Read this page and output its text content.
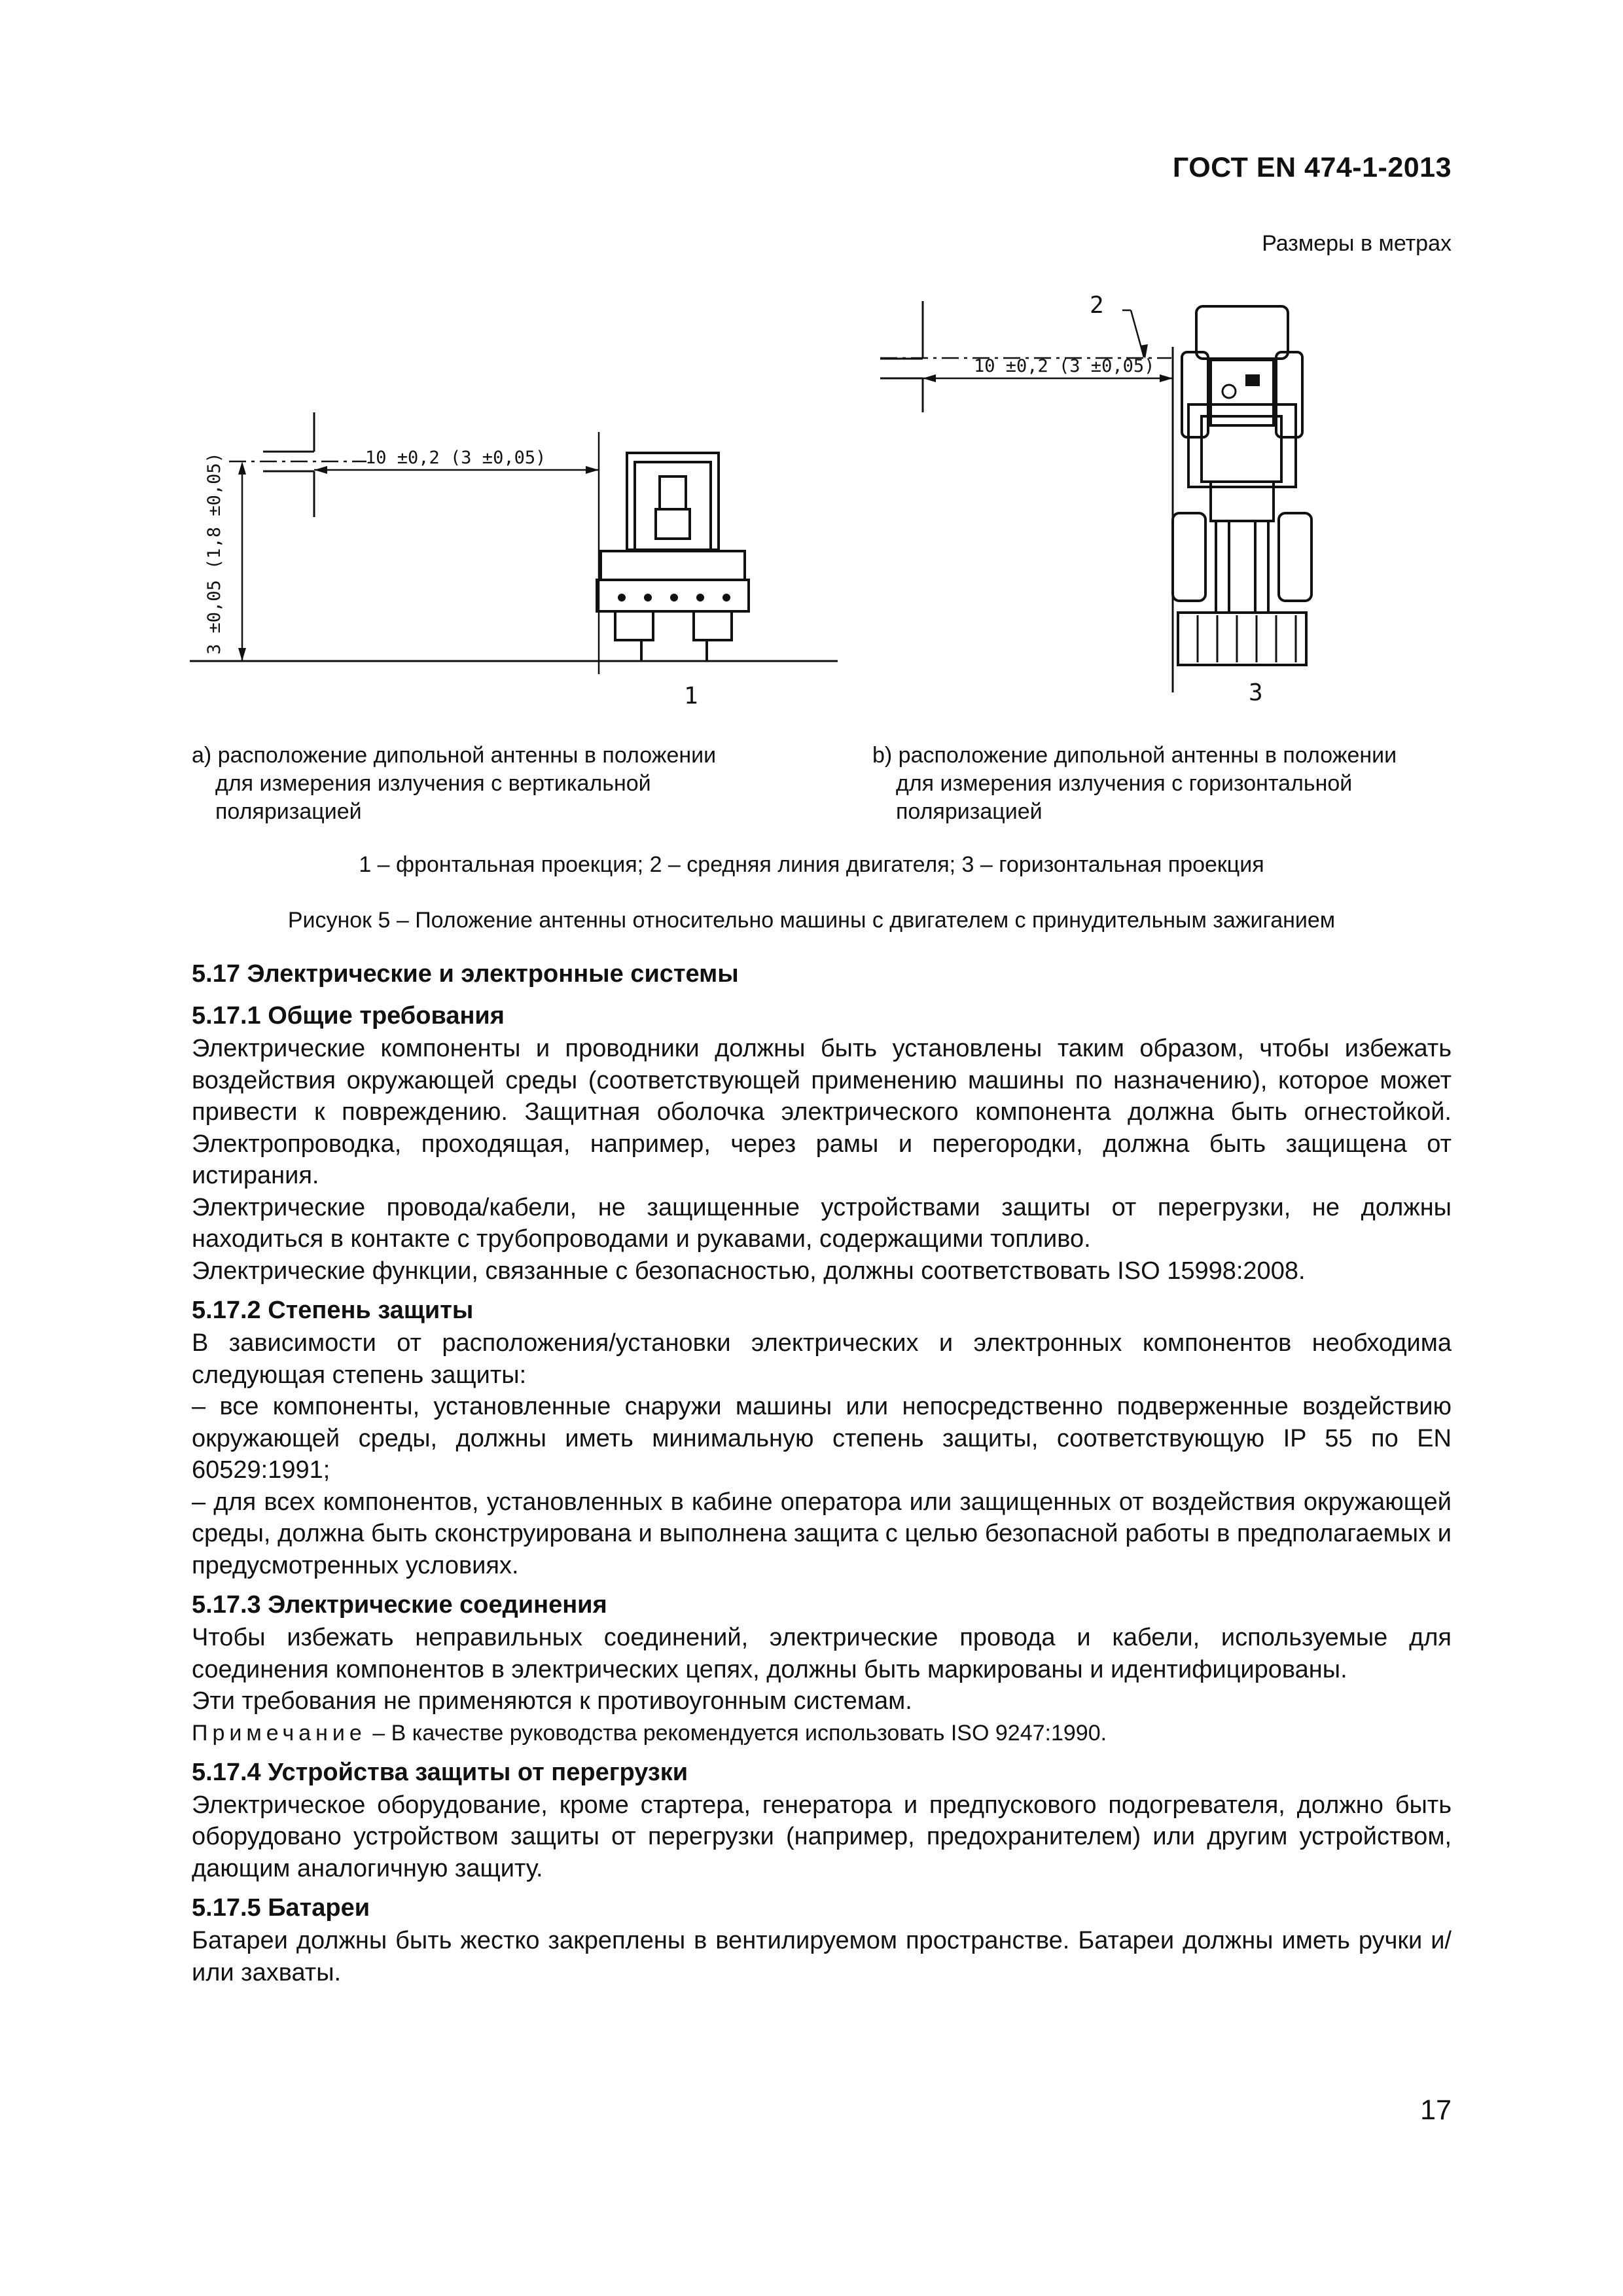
ГОСТ EN 474-1-2013
Размеры в метрах
10 ±0,2 (3 ±0,05)
3 ±0,05 (1,8 ±0,05)
1
10 ±0,2 (3 ±0,05)
2
3
a) расположение дипольной антенны в положении
для измерения излучения с вертикальной
поляризацией
b) расположение дипольной антенны в положении
для измерения излучения с горизонтальной
поляризацией
1 – фронтальная проекция; 2 – средняя линия двигателя; 3 – горизонтальная проекция
Рисунок 5 – Положение антенны относительно машины с двигателем с принудительным зажиганием
5.17 Электрические и электронные системы
5.17.1 Общие требования

Электрические компоненты и проводники должны быть установлены таким образом, чтобы избежать воздействия окружающей среды (соответствующей применению машины по назначению), которое может привести к повреждению. Защитная оболочка электрического компонента должна быть огнестойкой. Электропроводка, проходящая, например, через рамы и перегородки, должна быть защищена от истирания.

Электрические провода/кабели, не защищенные устройствами защиты от перегрузки, не должны находиться в контакте с трубопроводами и рукавами, содержащими топливо.

Электрические функции, связанные с безопасностью, должны соответствовать ISO 15998:2008.

5.17.2 Степень защиты

В зависимости от расположения/установки электрических и электронных компонентов необходима следующая степень защиты:

– все компоненты, установленные снаружи машины или непосредственно подверженные воздействию окружающей среды, должны иметь минимальную степень защиты, соответствующую IP 55 по EN 60529:1991;

– для всех компонентов, установленных в кабине оператора или защищенных от воздействия окружающей среды, должна быть сконструирована и выполнена защита с целью безопасной работы в предполагаемых и предусмотренных условиях.

5.17.3 Электрические соединения

Чтобы избежать неправильных соединений, электрические провода и кабели, используемые для соединения компонентов в электрических цепях, должны быть маркированы и идентифицированы.

Эти требования не применяются к противоугонным системам.

Примечание – В качестве руководства рекомендуется использовать ISO 9247:1990.
5.17.4 Устройства защиты от перегрузки

Электрическое оборудование, кроме стартера, генератора и предпускового подогревателя, должно быть оборудовано устройством защиты от перегрузки (например, предохранителем) или другим устройством, дающим аналогичную защиту.

5.17.5 Батареи

Батареи должны быть жестко закреплены в вентилируемом пространстве. Батареи должны иметь ручки и/или захваты.

17
